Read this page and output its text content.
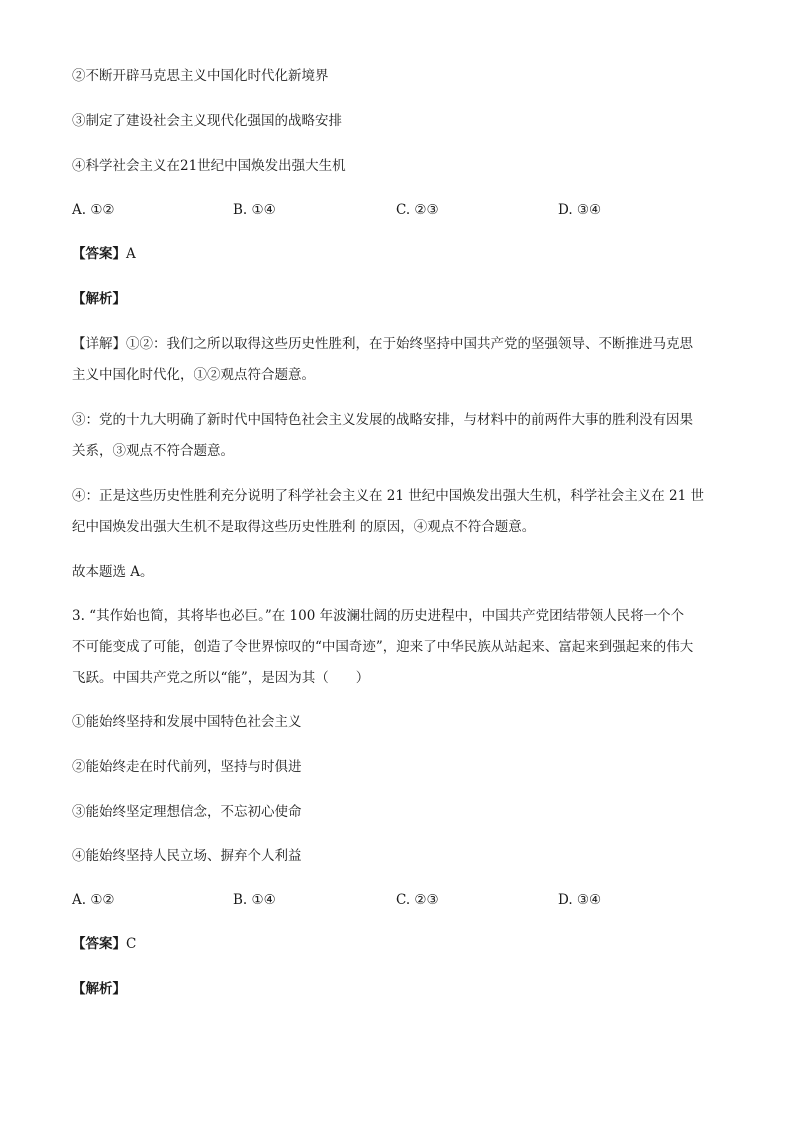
②不断开辟马克思主义中国化时代化新境界
③制定了建设社会主义现代化强国的战略安排
④科学社会主义在21世纪中国焕发出强大生机
A. ①②	B. ①④	C. ②③	D. ③④
【答案】A
【解析】
【详解】①②：我们之所以取得这些历史性胜利，在于始终坚持中国共产党的坚强领导、不断推进马克思
主义中国化时代化，①②观点符合题意。
③：党的十九大明确了新时代中国特色社会主义发展的战略安排，与材料中的前两件大事的胜利没有因果
关系，③观点不符合题意。
④：正是这些历史性胜利充分说明了科学社会主义在 21 世纪中国焕发出强大生机，科学社会主义在 21 世
纪中国焕发出强大生机不是取得这些历史性胜利 的原因，④观点不符合题意。
故本题选 A。
3. “其作始也简，其将毕也必巨。”在 100 年波澜壮阔的历史进程中，中国共产党团结带领人民将一个个
不可能变成了可能，创造了令世界惊叹的“中国奇迹”，迎来了中华民族从站起来、富起来到强起来的伟大
飞跃。中国共产党之所以“能”，是因为其（　　）
①能始终坚持和发展中国特色社会主义
②能始终走在时代前列，坚持与时俱进
③能始终坚定理想信念，不忘初心使命
④能始终坚持人民立场、摒弃个人利益
A. ①②	B. ①④	C. ②③	D. ③④
【答案】C
【解析】
